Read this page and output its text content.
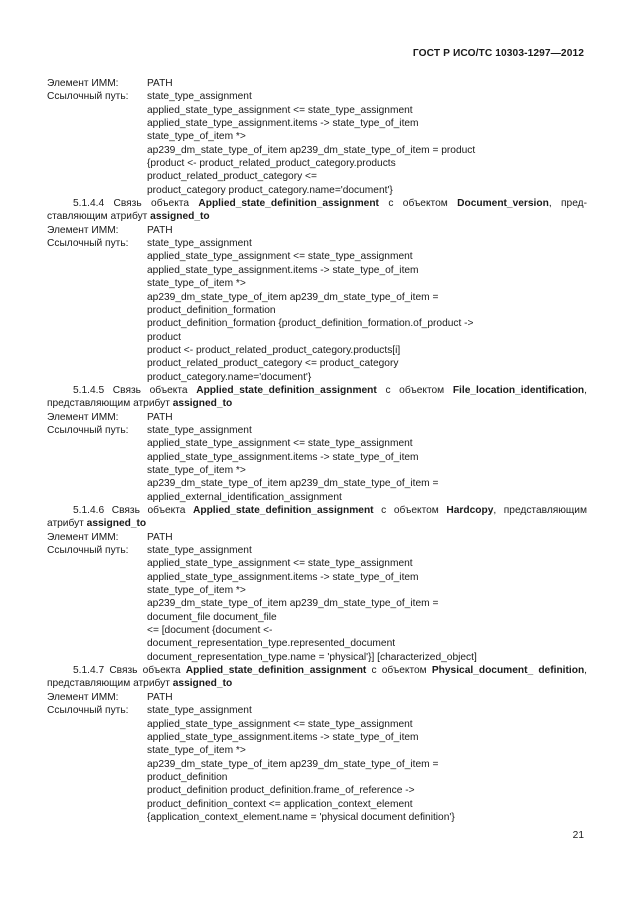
ГОСТ Р ИСО/ТС 10303-1297—2012
Элемент ИММ:	PATH
Ссылочный путь:	state_type_assignment
applied_state_type_assignment <= state_type_assignment
applied_state_type_assignment.items -> state_type_of_item
state_type_of_item *>
ap239_dm_state_type_of_item ap239_dm_state_type_of_item = product
{product <- product_related_product_category.products
product_related_product_category <=
product_category product_category.name='document'}
5.1.4.4 Связь объекта Applied_state_definition_assignment с объектом Document_version, пред-ставляющим атрибут assigned_to
Элемент ИММ:	PATH
Ссылочный путь:	state_type_assignment
applied_state_type_assignment <= state_type_assignment
applied_state_type_assignment.items -> state_type_of_item
state_type_of_item *>
ap239_dm_state_type_of_item ap239_dm_state_type_of_item =
product_definition_formation
product_definition_formation {product_definition_formation.of_product ->
product
product <- product_related_product_category.products[i]
product_related_product_category <= product_category
product_category.name='document'}
5.1.4.5 Связь объекта Applied_state_definition_assignment с объектом File_location_identification, представляющим атрибут assigned_to
Элемент ИММ:	PATH
Ссылочный путь:	state_type_assignment
applied_state_type_assignment <= state_type_assignment
applied_state_type_assignment.items -> state_type_of_item
state_type_of_item *>
ap239_dm_state_type_of_item ap239_dm_state_type_of_item =
applied_external_identification_assignment
5.1.4.6 Связь объекта Applied_state_definition_assignment с объектом Hardcopy, представляющим атрибут assigned_to
Элемент ИММ:	PATH
Ссылочный путь:	state_type_assignment
applied_state_type_assignment <= state_type_assignment
applied_state_type_assignment.items -> state_type_of_item
state_type_of_item *>
ap239_dm_state_type_of_item ap239_dm_state_type_of_item =
document_file document_file
<= [document {document <-
document_representation_type.represented_document
document_representation_type.name = 'physical'}] [characterized_object]
5.1.4.7 Связь объекта Applied_state_definition_assignment с объектом Physical_document_ definition, представляющим атрибут assigned_to
Элемент ИММ:	PATH
Ссылочный путь:	state_type_assignment
applied_state_type_assignment <= state_type_assignment
applied_state_type_assignment.items -> state_type_of_item
state_type_of_item *>
ap239_dm_state_type_of_item ap239_dm_state_type_of_item =
product_definition
product_definition product_definition.frame_of_reference ->
product_definition_context <= application_context_element
{application_context_element.name = 'physical document definition'}
21
